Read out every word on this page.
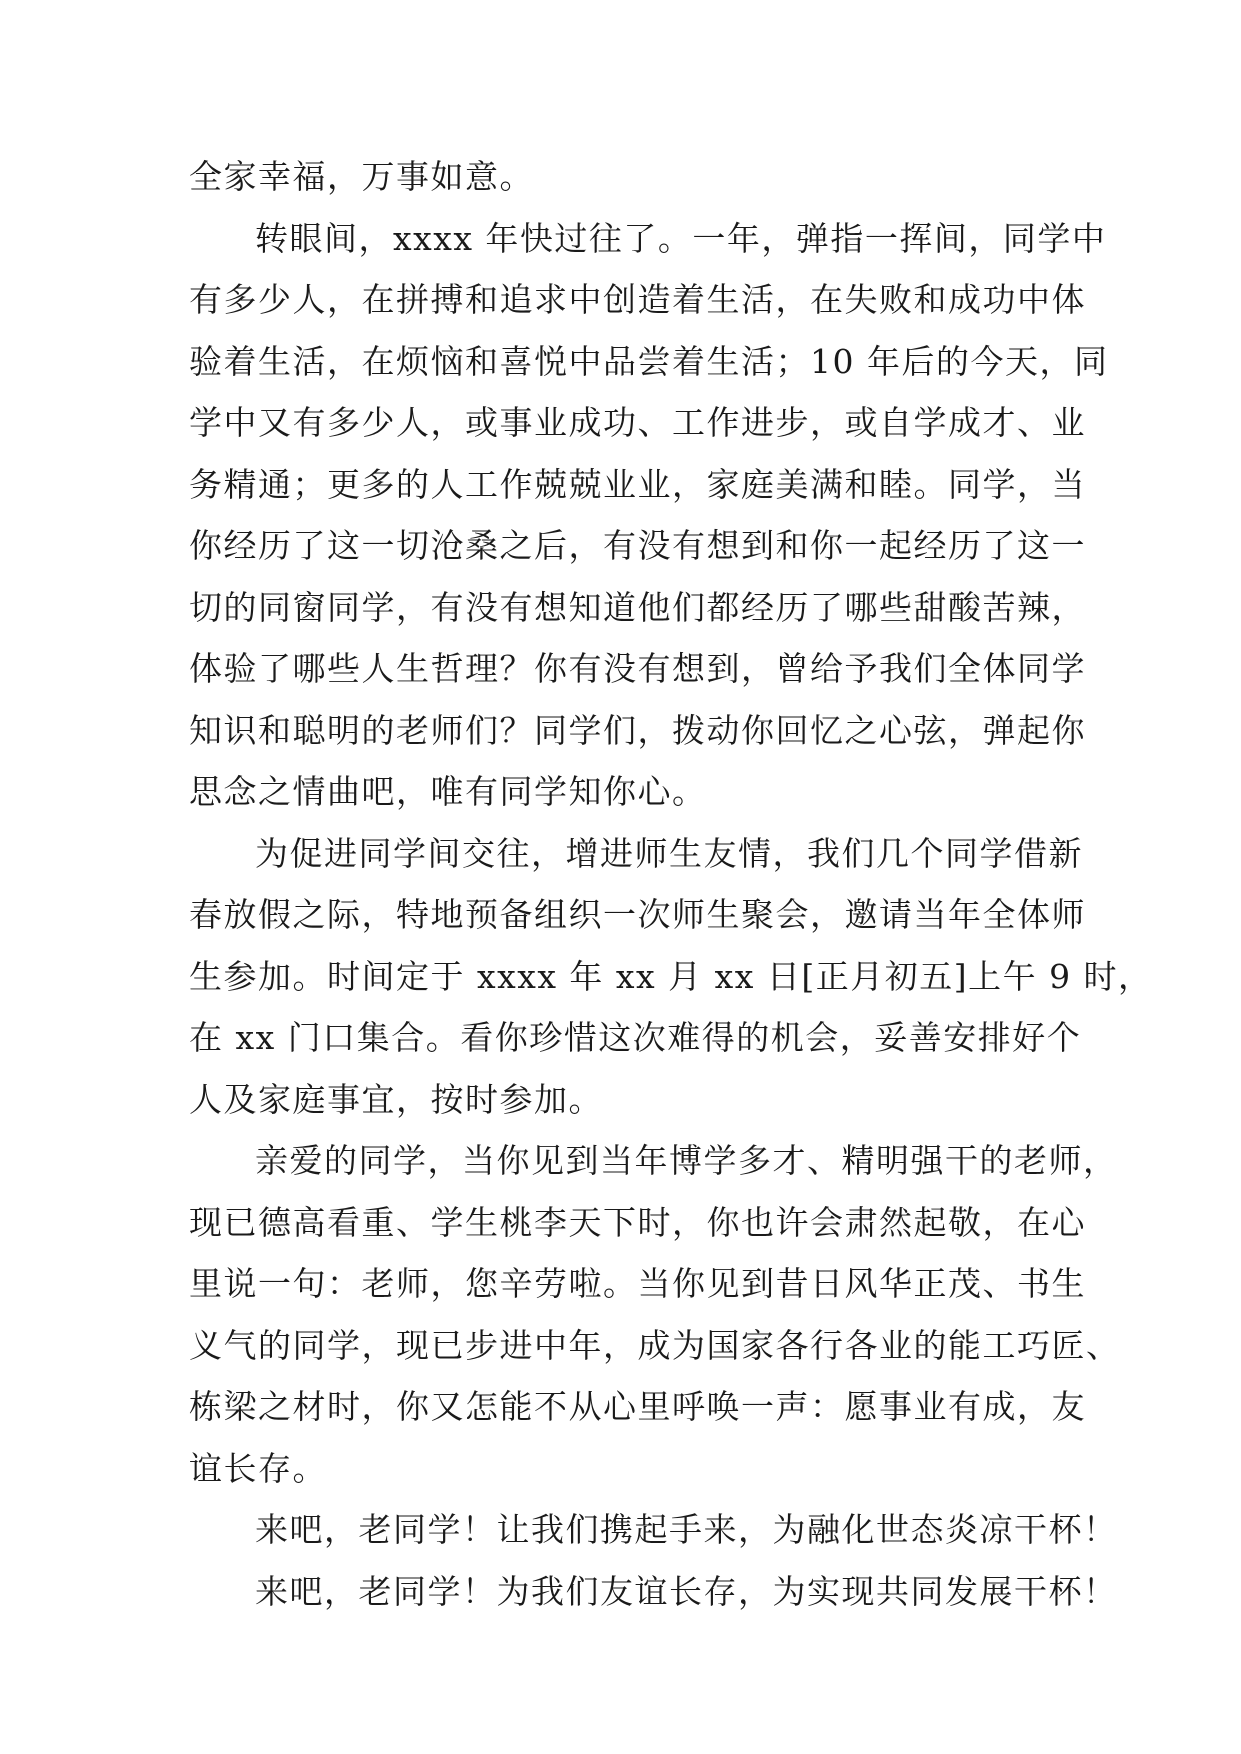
全家幸福，万事如意。
转眼间，xxxx 年快过往了。一年，弹指一挥间，同学中
有多少人，在拼搏和追求中创造着生活，在失败和成功中体
验着生活，在烦恼和喜悦中品尝着生活；10 年后的今天，同
学中又有多少人，或事业成功、工作进步，或自学成才、业
务精通；更多的人工作兢兢业业，家庭美满和睦。同学，当
你经历了这一切沧桑之后，有没有想到和你一起经历了这一
切的同窗同学，有没有想知道他们都经历了哪些甜酸苦辣，
体验了哪些人生哲理？你有没有想到，曾给予我们全体同学
知识和聪明的老师们？同学们，拨动你回忆之心弦，弹起你
思念之情曲吧，唯有同学知你心。
为促进同学间交往，增进师生友情，我们几个同学借新
春放假之际，特地预备组织一次师生聚会，邀请当年全体师
生参加。时间定于 xxxx 年 xx 月 xx 日[正月初五]上午 9 时，
在 xx 门口集合。看你珍惜这次难得的机会，妥善安排好个
人及家庭事宜，按时参加。
亲爱的同学，当你见到当年博学多才、精明强干的老师，
现已德高看重、学生桃李天下时，你也许会肃然起敬，在心
里说一句：老师，您辛劳啦。当你见到昔日风华正茂、书生
义气的同学，现已步进中年，成为国家各行各业的能工巧匠、
栋梁之材时，你又怎能不从心里呼唤一声：愿事业有成，友
谊长存。
来吧，老同学！让我们携起手来，为融化世态炎凉干杯！
来吧，老同学！为我们友谊长存，为实现共同发展干杯！
